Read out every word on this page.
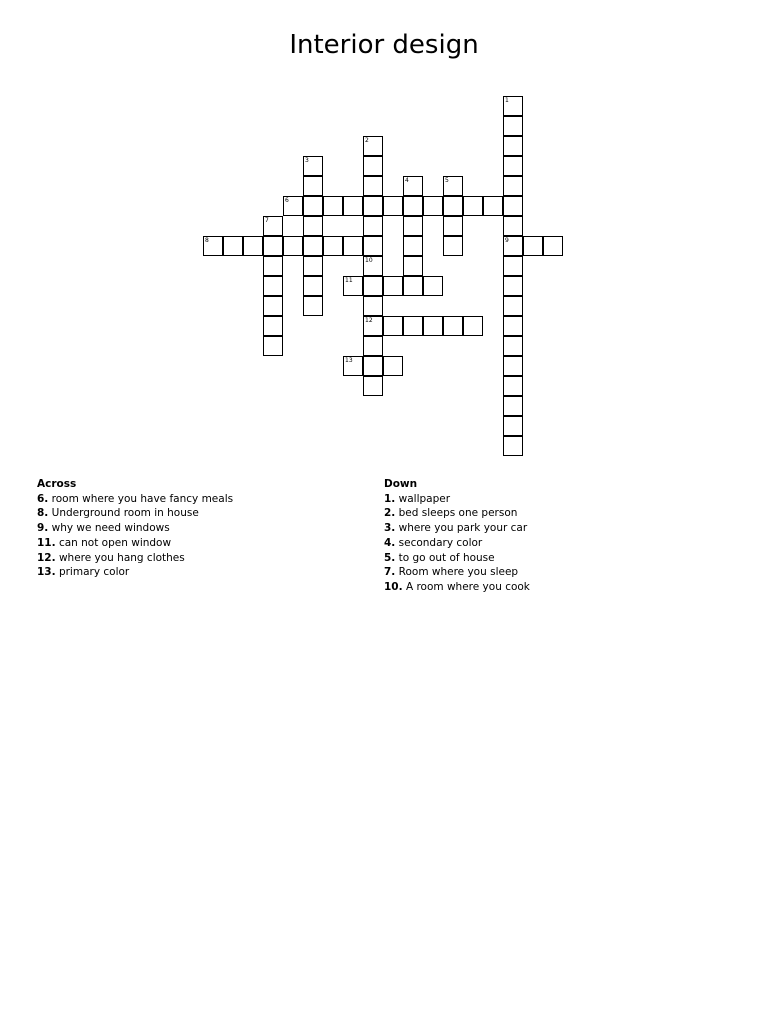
Interior design
1
9
2
3
4	5
6
7
8
10
12
11
13
Across
6. room where you have fancy meals
8. Underground room in house
9. why we need windows
11. can not open window
12. where you hang clothes
13. primary color
Down
1. wallpaper
2. bed sleeps one person
3. where you park your car
4. secondary color
5. to go out of house
7. Room where you sleep
10. A room where you cook
